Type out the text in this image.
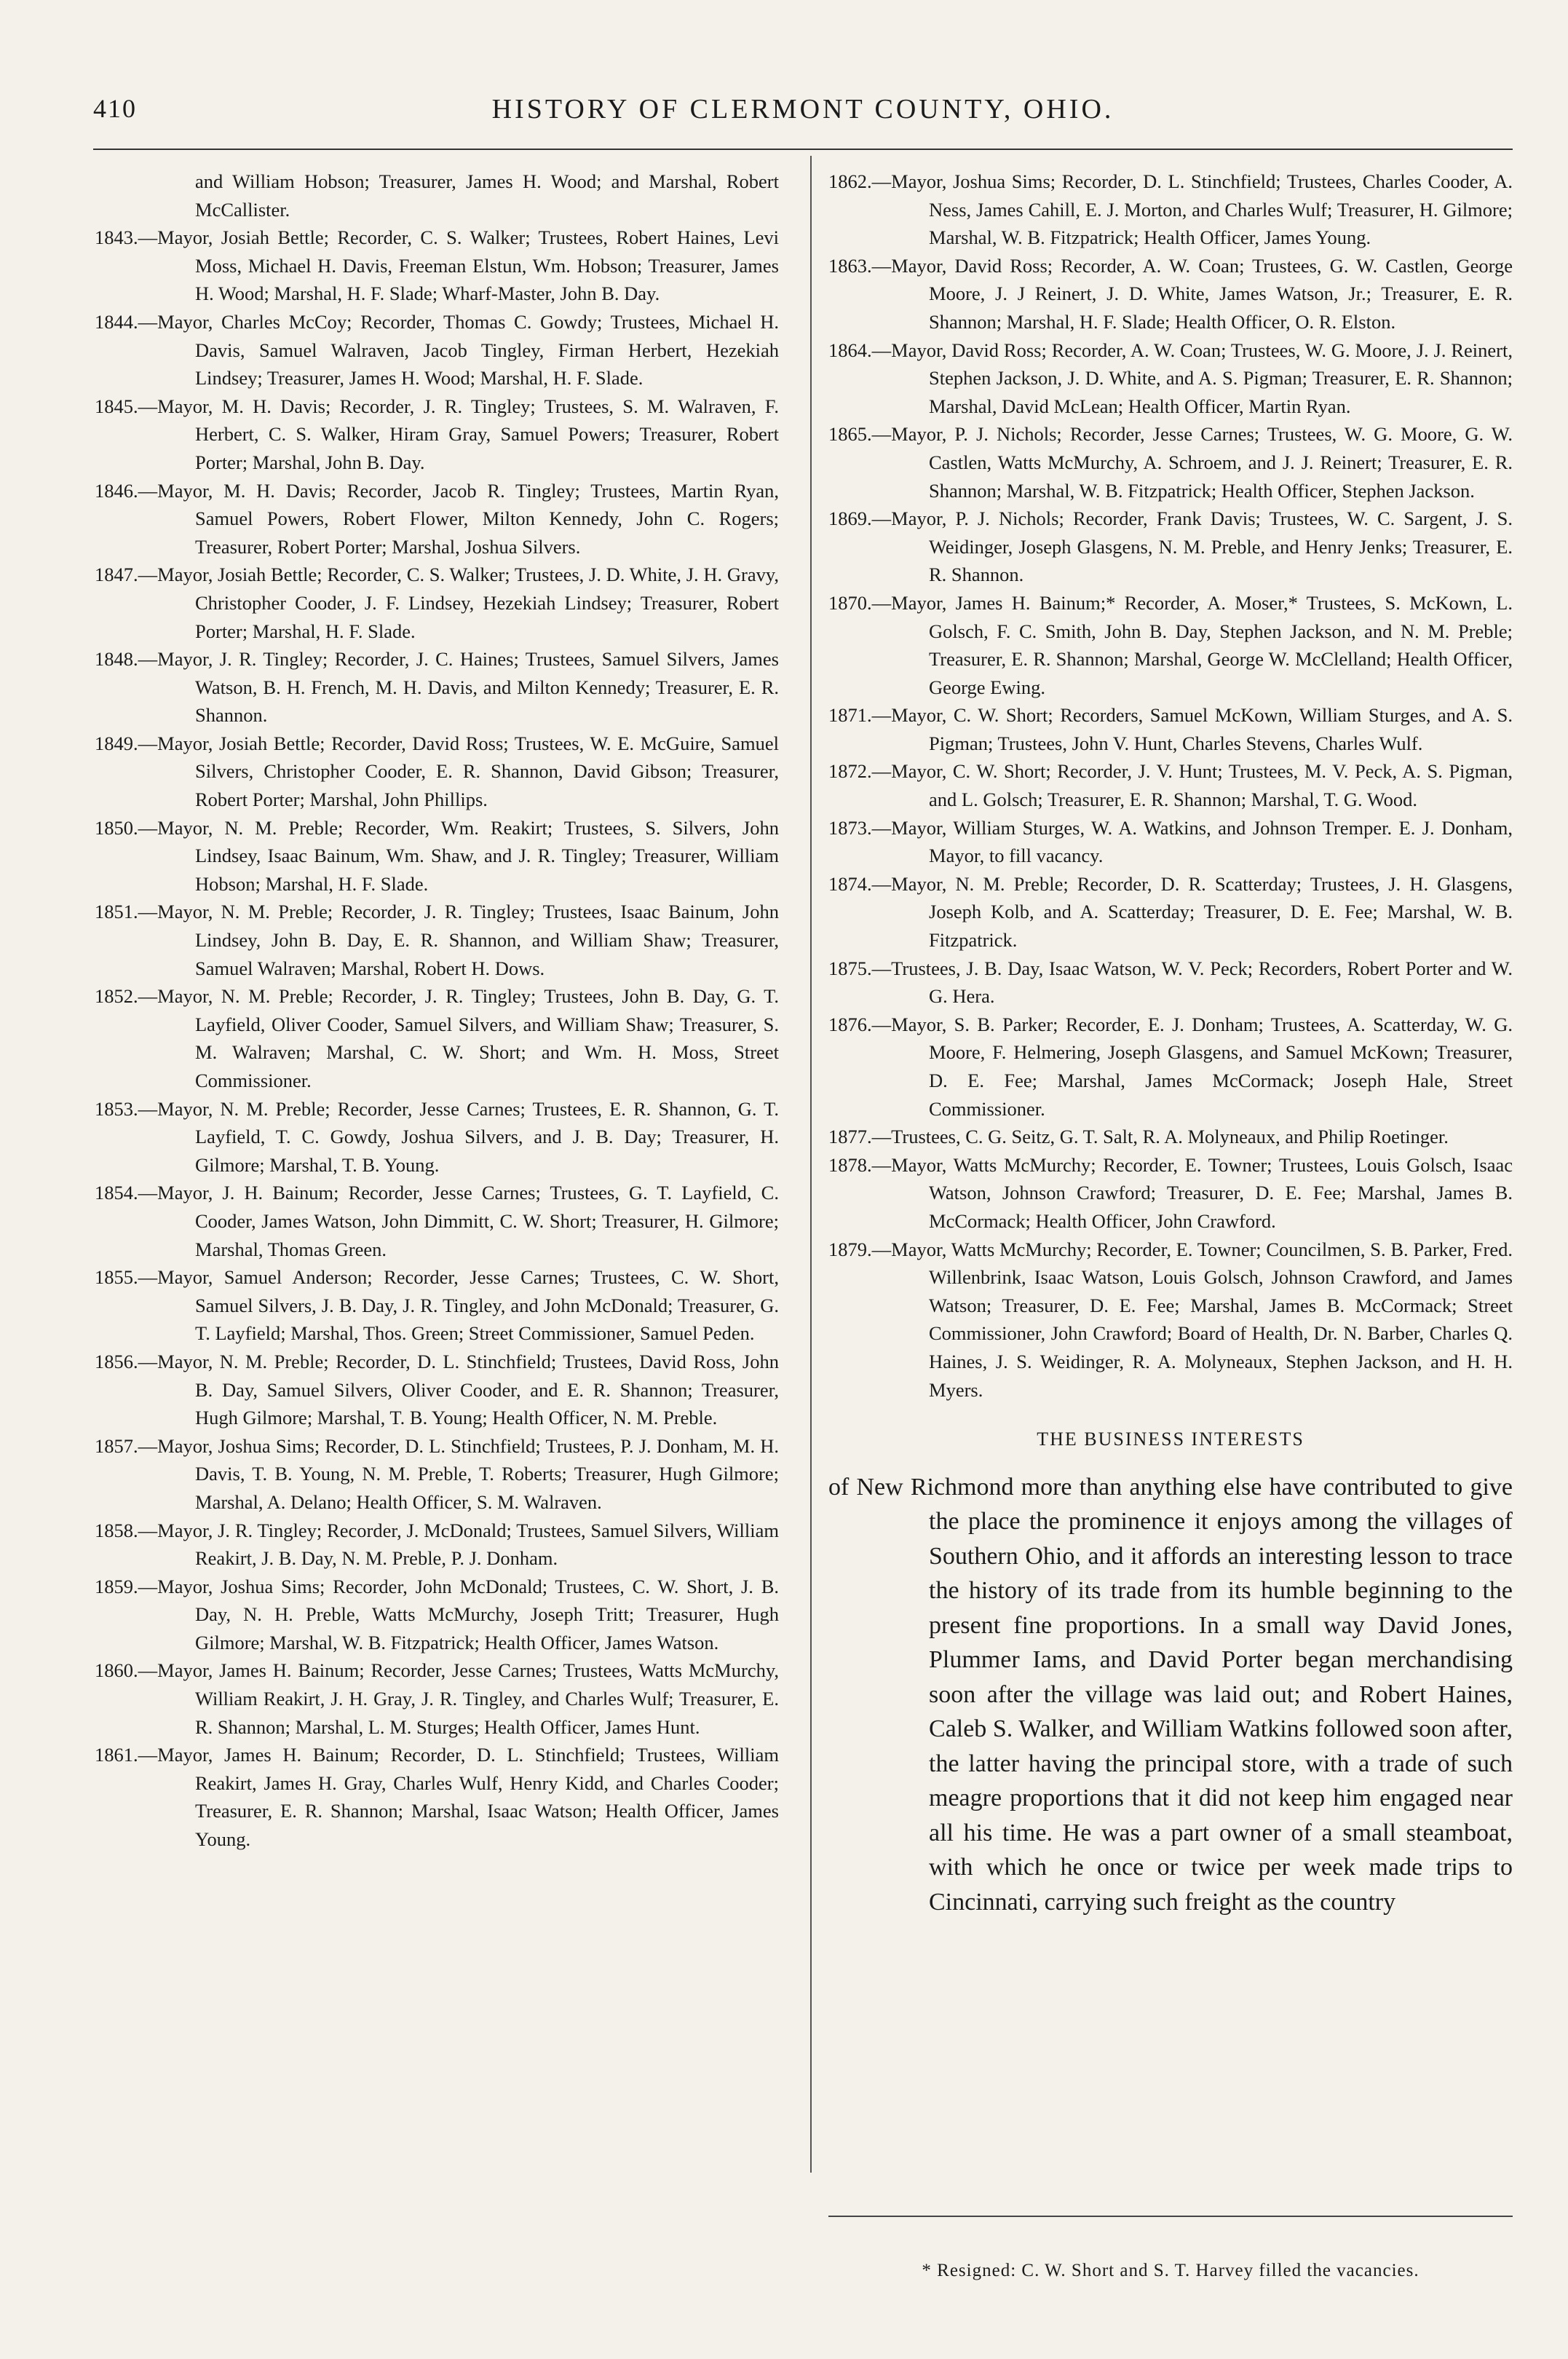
410	HISTORY OF CLERMONT COUNTY, OHIO.

and William Hobson; Treasurer, James H. Wood; and Marshal, Robert McCallister.

1843.—Mayor, Josiah Bettle; Recorder, C. S. Walker; Trustees, Robert Haines, Levi Moss, Michael H. Davis, Freeman Elstun, Wm. Hobson; Treasurer, James H. Wood; Marshal, H. F. Slade; Wharf-Master, John B. Day.

1844.—Mayor, Charles McCoy; Recorder, Thomas C. Gowdy; Trustees, Michael H. Davis, Samuel Walraven, Jacob Tingley, Firman Herbert, Hezekiah Lindsey; Treasurer, James H. Wood; Marshal, H. F. Slade.

1845.—Mayor, M. H. Davis; Recorder, J. R. Tingley; Trustees, S. M. Walraven, F. Herbert, C. S. Walker, Hiram Gray, Samuel Powers; Treasurer, Robert Porter; Marshal, John B. Day.

1846.—Mayor, M. H. Davis; Recorder, Jacob R. Tingley; Trustees, Martin Ryan, Samuel Powers, Robert Flower, Milton Kennedy, John C. Rogers; Treasurer, Robert Porter; Marshal, Joshua Silvers.

1847.—Mayor, Josiah Bettle; Recorder, C. S. Walker; Trustees, J. D. White, J. H. Gravy, Christopher Cooder, J. F. Lindsey, Hezekiah Lindsey; Treasurer, Robert Porter; Marshal, H. F. Slade.

1848.—Mayor, J. R. Tingley; Recorder, J. C. Haines; Trustees, Samuel Silvers, James Watson, B. H. French, M. H. Davis, and Milton Kennedy; Treasurer, E. R. Shannon.

1849.—Mayor, Josiah Bettle; Recorder, David Ross; Trustees, W. E. McGuire, Samuel Silvers, Christopher Cooder, E. R. Shannon, David Gibson; Treasurer, Robert Porter; Marshal, John Phillips.

1850.—Mayor, N. M. Preble; Recorder, Wm. Reakirt; Trustees, S. Silvers, John Lindsey, Isaac Bainum, Wm. Shaw, and J. R. Tingley; Treasurer, William Hobson; Marshal, H. F. Slade.

1851.—Mayor, N. M. Preble; Recorder, J. R. Tingley; Trustees, Isaac Bainum, John Lindsey, John B. Day, E. R. Shannon, and William Shaw; Treasurer, Samuel Walraven; Marshal, Robert H. Dows.

1852.—Mayor, N. M. Preble; Recorder, J. R. Tingley; Trustees, John B. Day, G. T. Layfield, Oliver Cooder, Samuel Silvers, and William Shaw; Treasurer, S. M. Walraven; Marshal, C. W. Short; and Wm. H. Moss, Street Commissioner.

1853.—Mayor, N. M. Preble; Recorder, Jesse Carnes; Trustees, E. R. Shannon, G. T. Layfield, T. C. Gowdy, Joshua Silvers, and J. B. Day; Treasurer, H. Gilmore; Marshal, T. B. Young.

1854.—Mayor, J. H. Bainum; Recorder, Jesse Carnes; Trustees, G. T. Layfield, C. Cooder, James Watson, John Dimmitt, C. W. Short; Treasurer, H. Gilmore; Marshal, Thomas Green.

1855.—Mayor, Samuel Anderson; Recorder, Jesse Carnes; Trustees, C. W. Short, Samuel Silvers, J. B. Day, J. R. Tingley, and John McDonald; Treasurer, G. T. Layfield; Marshal, Thos. Green; Street Commissioner, Samuel Peden.

1856.—Mayor, N. M. Preble; Recorder, D. L. Stinchfield; Trustees, David Ross, John B. Day, Samuel Silvers, Oliver Cooder, and E. R. Shannon; Treasurer, Hugh Gilmore; Marshal, T. B. Young; Health Officer, N. M. Preble.

1857.—Mayor, Joshua Sims; Recorder, D. L. Stinchfield; Trustees, P. J. Donham, M. H. Davis, T. B. Young, N. M. Preble, T. Roberts; Treasurer, Hugh Gilmore; Marshal, A. Delano; Health Officer, S. M. Walraven.

1858.—Mayor, J. R. Tingley; Recorder, J. McDonald; Trustees, Samuel Silvers, William Reakirt, J. B. Day, N. M. Preble, P. J. Donham.

1859.—Mayor, Joshua Sims; Recorder, John McDonald; Trustees, C. W. Short, J. B. Day, N. H. Preble, Watts McMurchy, Joseph Tritt; Treasurer, Hugh Gilmore; Marshal, W. B. Fitzpatrick; Health Officer, James Watson.

1860.—Mayor, James H. Bainum; Recorder, Jesse Carnes; Trustees, Watts McMurchy, William Reakirt, J. H. Gray, J. R. Tingley, and Charles Wulf; Treasurer, E. R. Shannon; Marshal, L. M. Sturges; Health Officer, James Hunt.

1861.—Mayor, James H. Bainum; Recorder, D. L. Stinchfield; Trustees, William Reakirt, James H. Gray, Charles Wulf, Henry Kidd, and Charles Cooder; Treasurer, E. R. Shannon; Marshal, Isaac Watson; Health Officer, James Young.

1862.—Mayor, Joshua Sims; Recorder, D. L. Stinchfield; Trustees, Charles Cooder, A. Ness, James Cahill, E. J. Morton, and Charles Wulf; Treasurer, H. Gilmore; Marshal, W. B. Fitzpatrick; Health Officer, James Young.

1863.—Mayor, David Ross; Recorder, A. W. Coan; Trustees, G. W. Castlen, George Moore, J. J Reinert, J. D. White, James Watson, Jr.; Treasurer, E. R. Shannon; Marshal, H. F. Slade; Health Officer, O. R. Elston.

1864.—Mayor, David Ross; Recorder, A. W. Coan; Trustees, W. G. Moore, J. J. Reinert, Stephen Jackson, J. D. White, and A. S. Pigman; Treasurer, E. R. Shannon; Marshal, David McLean; Health Officer, Martin Ryan.

1865.—Mayor, P. J. Nichols; Recorder, Jesse Carnes; Trustees, W. G. Moore, G. W. Castlen, Watts McMurchy, A. Schroem, and J. J. Reinert; Treasurer, E. R. Shannon; Marshal, W. B. Fitzpatrick; Health Officer, Stephen Jackson.

1869.—Mayor, P. J. Nichols; Recorder, Frank Davis; Trustees, W. C. Sargent, J. S. Weidinger, Joseph Glasgens, N. M. Preble, and Henry Jenks; Treasurer, E. R. Shannon.

1870.—Mayor, James H. Bainum;* Recorder, A. Moser,* Trustees, S. McKown, L. Golsch, F. C. Smith, John B. Day, Stephen Jackson, and N. M. Preble; Treasurer, E. R. Shannon; Marshal, George W. McClelland; Health Officer, George Ewing.

1871.—Mayor, C. W. Short; Recorders, Samuel McKown, William Sturges, and A. S. Pigman; Trustees, John V. Hunt, Charles Stevens, Charles Wulf.

1872.—Mayor, C. W. Short; Recorder, J. V. Hunt; Trustees, M. V. Peck, A. S. Pigman, and L. Golsch; Treasurer, E. R. Shannon; Marshal, T. G. Wood.

1873.—Mayor, William Sturges, W. A. Watkins, and Johnson Tremper. E. J. Donham, Mayor, to fill vacancy.

1874.—Mayor, N. M. Preble; Recorder, D. R. Scatterday; Trustees, J. H. Glasgens, Joseph Kolb, and A. Scatterday; Treasurer, D. E. Fee; Marshal, W. B. Fitzpatrick.

1875.—Trustees, J. B. Day, Isaac Watson, W. V. Peck; Recorders, Robert Porter and W. G. Hera.

1876.—Mayor, S. B. Parker; Recorder, E. J. Donham; Trustees, A. Scatterday, W. G. Moore, F. Helmering, Joseph Glasgens, and Samuel McKown; Treasurer, D. E. Fee; Marshal, James McCormack; Joseph Hale, Street Commissioner.

1877.—Trustees, C. G. Seitz, G. T. Salt, R. A. Molyneaux, and Philip Roetinger.

1878.—Mayor, Watts McMurchy; Recorder, E. Towner; Trustees, Louis Golsch, Isaac Watson, Johnson Crawford; Treasurer, D. E. Fee; Marshal, James B. McCormack; Health Officer, John Crawford.

1879.—Mayor, Watts McMurchy; Recorder, E. Towner; Councilmen, S. B. Parker, Fred. Willenbrink, Isaac Watson, Louis Golsch, Johnson Crawford, and James Watson; Treasurer, D. E. Fee; Marshal, James B. McCormack; Street Commissioner, John Crawford; Board of Health, Dr. N. Barber, Charles Q. Haines, J. S. Weidinger, R. A. Molyneaux, Stephen Jackson, and H. H. Myers.

THE BUSINESS INTERESTS

of New Richmond more than anything else have contributed to give the place the prominence it enjoys among the villages of Southern Ohio, and it affords an interesting lesson to trace the history of its trade from its humble beginning to the present fine proportions. In a small way David Jones, Plummer Iams, and David Porter began merchandising soon after the village was laid out; and Robert Haines, Caleb S. Walker, and William Watkins followed soon after, the latter having the principal store, with a trade of such meagre proportions that it did not keep him engaged near all his time. He was a part owner of a small steamboat, with which he once or twice per week made trips to Cincinnati, carrying such freight as the country

* Resigned: C. W. Short and S. T. Harvey filled the vacancies.
